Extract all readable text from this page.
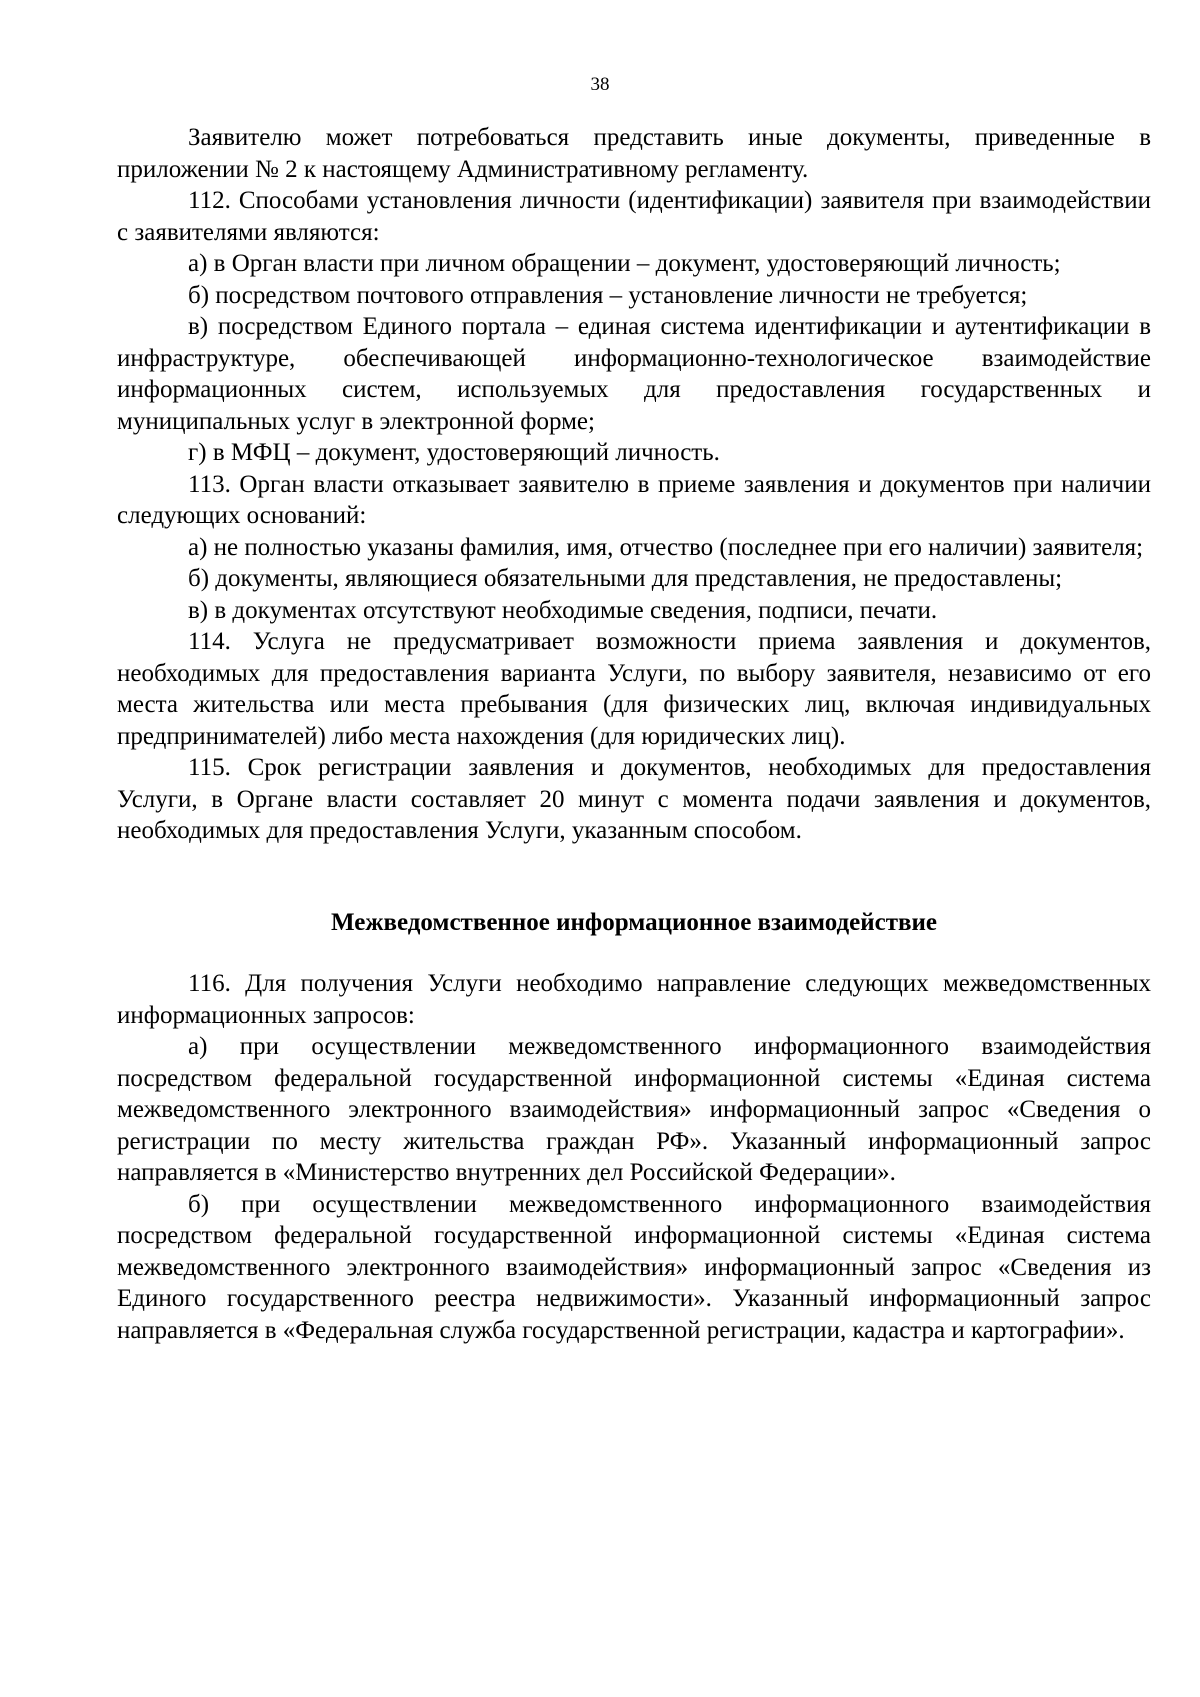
38

Заявителю может потребоваться представить иные документы, приведенные в приложении № 2 к настоящему Административному регламенту.

112. Способами установления личности (идентификации) заявителя при взаимодействии с заявителями являются:

а) в Орган власти при личном обращении – документ, удостоверяющий личность;

б) посредством почтового отправления – установление личности не требуется;

в) посредством Единого портала – единая система идентификации и аутентификации в инфраструктуре, обеспечивающей информационно-технологическое взаимодействие информационных систем, используемых для предоставления государственных и муниципальных услуг в электронной форме;

г) в МФЦ – документ, удостоверяющий личность.

113. Орган власти отказывает заявителю в приеме заявления и документов при наличии следующих оснований:

а) не полностью указаны фамилия, имя, отчество (последнее при его наличии) заявителя;

б) документы, являющиеся обязательными для представления, не предоставлены;

в) в документах отсутствуют необходимые сведения, подписи, печати.

114. Услуга не предусматривает возможности приема заявления и документов, необходимых для предоставления варианта Услуги, по выбору заявителя, независимо от его места жительства или места пребывания (для физических лиц, включая индивидуальных предпринимателей) либо места нахождения (для юридических лиц).

115. Срок регистрации заявления и документов, необходимых для предоставления Услуги, в Органе власти составляет 20 минут с момента подачи заявления и документов, необходимых для предоставления Услуги, указанным способом.

Межведомственное информационное взаимодействие

116. Для получения Услуги необходимо направление следующих межведомственных информационных запросов:

а) при осуществлении межведомственного информационного взаимодействия посредством федеральной государственной информационной системы «Единая система межведомственного электронного взаимодействия» информационный запрос «Сведения о регистрации по месту жительства граждан РФ». Указанный информационный запрос направляется в «Министерство внутренних дел Российской Федерации».

б) при осуществлении межведомственного информационного взаимодействия посредством федеральной государственной информационной системы «Единая система межведомственного электронного взаимодействия» информационный запрос «Сведения из Единого государственного реестра недвижимости». Указанный информационный запрос направляется в «Федеральная служба государственной регистрации, кадастра и картографии».
